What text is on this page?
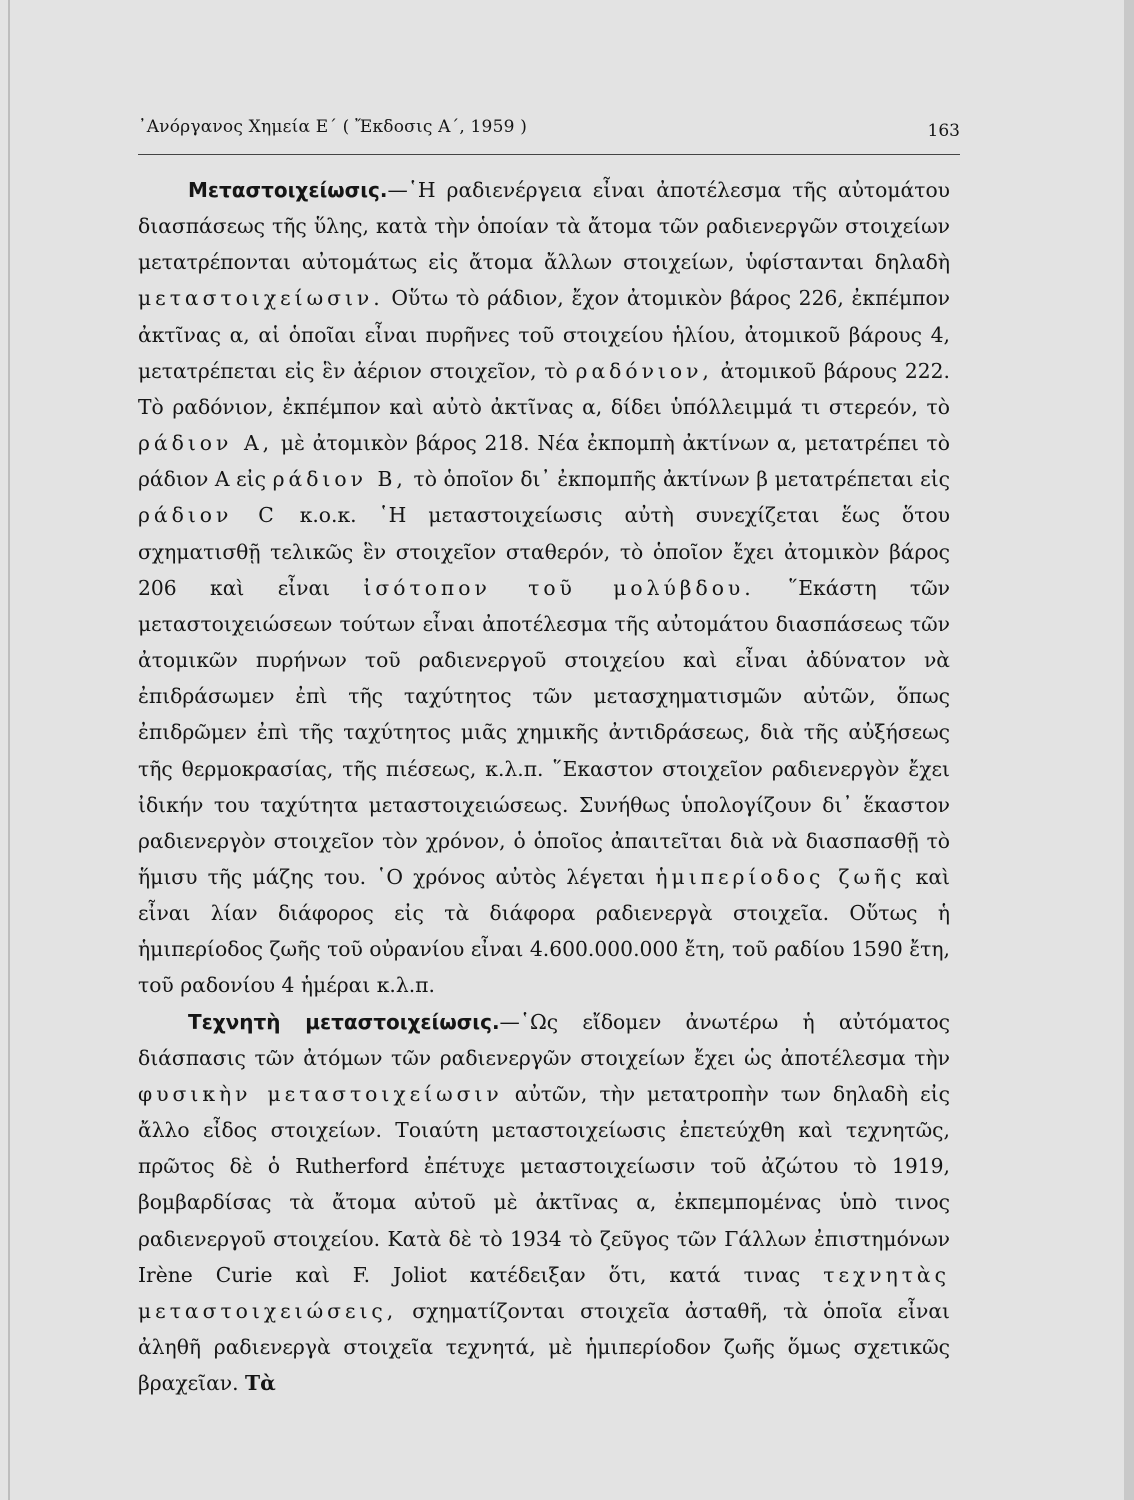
᾿Ανόργανος Χημεία Ε΄ ( Ἔκδοσις Α΄, 1959 )	163

Μεταστοιχείωσις.—῾Η ραδιενέργεια εἶναι ἀποτέλεσμα τῆς αὐτομάτου διασπάσεως τῆς ὕλης, κατὰ τὴν ὁποίαν τὰ ἄτομα τῶν ραδιενεργῶν στοιχείων μετατρέπονται αὐτομάτως εἰς ἄτομα ἄλλων στοιχείων, ὑφίστανται δηλαδὴ μεταστοιχείωσιν. Οὕτω τὸ ράδιον, ἔχον ἀτομικὸν βάρος 226, ἐκπέμπον ἀκτῖνας α, αἱ ὁποῖαι εἶναι πυρῆνες τοῦ στοιχείου ἡλίου, ἀτομικοῦ βάρους 4, μετατρέπεται εἰς ἓν ἀέριον στοιχεῖον, τὸ ραδόνιον, ἀτομικοῦ βάρους 222. Τὸ ραδόνιον, ἐκπέμπον καὶ αὐτὸ ἀκτῖνας α, δίδει ὑπόλλειμμά τι στερεόν, τὸ ράδιον Α, μὲ ἀτομικὸν βάρος 218. Νέα ἐκπομπὴ ἀκτίνων α, μετατρέπει τὸ ράδιον Α εἰς ράδιον Β, τὸ ὁποῖον δι᾿ ἐκπομπῆς ἀκτίνων β μετατρέπεται εἰς ράδιον C κ.ο.κ. ῾Η μεταστοιχείωσις αὐτὴ συνεχίζεται ἕως ὅτου σχηματισθῇ τελικῶς ἓν στοιχεῖον σταθερόν, τὸ ὁποῖον ἔχει ἀτομικὸν βάρος 206 καὶ εἶναι ἰσότοπον τοῦ μολύβδου. ῞Εκάστη τῶν μεταστοιχειώσεων τούτων εἶναι ἀποτέλεσμα τῆς αὐτομάτου διασπάσεως τῶν ἀτομικῶν πυρήνων τοῦ ραδιενεργοῦ στοιχείου καὶ εἶναι ἀδύνατον νὰ ἐπιδράσωμεν ἐπὶ τῆς ταχύτητος τῶν μετασχηματισμῶν αὐτῶν, ὅπως ἐπιδρῶμεν ἐπὶ τῆς ταχύτητος μιᾶς χημικῆς ἀντιδράσεως, διὰ τῆς αὐξήσεως τῆς θερμοκρασίας, τῆς πιέσεως, κ.λ.π. ῞Εκαστον στοιχεῖον ραδιενεργὸν ἔχει ἰδικήν του ταχύτητα μεταστοιχειώσεως. Συνήθως ὑπολογίζουν δι᾿ ἕκαστον ραδιενεργὸν στοιχεῖον τὸν χρόνον, ὁ ὁποῖος ἀπαιτεῖται διὰ νὰ διασπασθῇ τὸ ἥμισυ τῆς μάζης του. ῾Ο χρόνος αὐτὸς λέγεται ἡμιπερίοδος ζωῆς καὶ εἶναι λίαν διάφορος εἰς τὰ διάφορα ραδιενεργὰ στοιχεῖα. Οὕτως ἡ ἡμιπερίοδος ζωῆς τοῦ οὐρανίου εἶναι 4.600.000.000 ἔτη, τοῦ ραδίου 1590 ἔτη, τοῦ ραδονίου 4 ἡμέραι κ.λ.π.

Τεχνητὴ μεταστοιχείωσις.—῾Ως εἴδομεν ἀνωτέρω ἡ αὐτόματος διάσπασις τῶν ἀτόμων τῶν ραδιενεργῶν στοιχείων ἔχει ὡς ἀποτέλεσμα τὴν φυσικὴν μεταστοιχείωσιν αὐτῶν, τὴν μετατροπὴν των δηλαδὴ εἰς ἄλλο εἶδος στοιχείων. Τοιαύτη μεταστοιχείωσις ἐπετεύχθη καὶ τεχνητῶς, πρῶτος δὲ ὁ Rutherford ἐπέτυχε μεταστοιχείωσιν τοῦ ἀζώτου τὸ 1919, βομβαρδίσας τὰ ἄτομα αὐτοῦ μὲ ἀκτῖνας α, ἐκπεμπομένας ὑπὸ τινος ραδιενεργοῦ στοιχείου. Κατὰ δὲ τὸ 1934 τὸ ζεῦγος τῶν Γάλλων ἐπιστημόνων Irène Curie καὶ F. Joliot κατέδειξαν ὅτι, κατά τινας τεχνητὰς μεταστοιχειώσεις, σχηματίζονται στοιχεῖα ἀσταθῆ, τὰ ὁποῖα εἶναι ἀληθῆ ραδιενεργὰ στοιχεῖα τεχνητά, μὲ ἡμιπερίοδον ζωῆς ὅμως σχετικῶς βραχεῖαν. Τὰ
